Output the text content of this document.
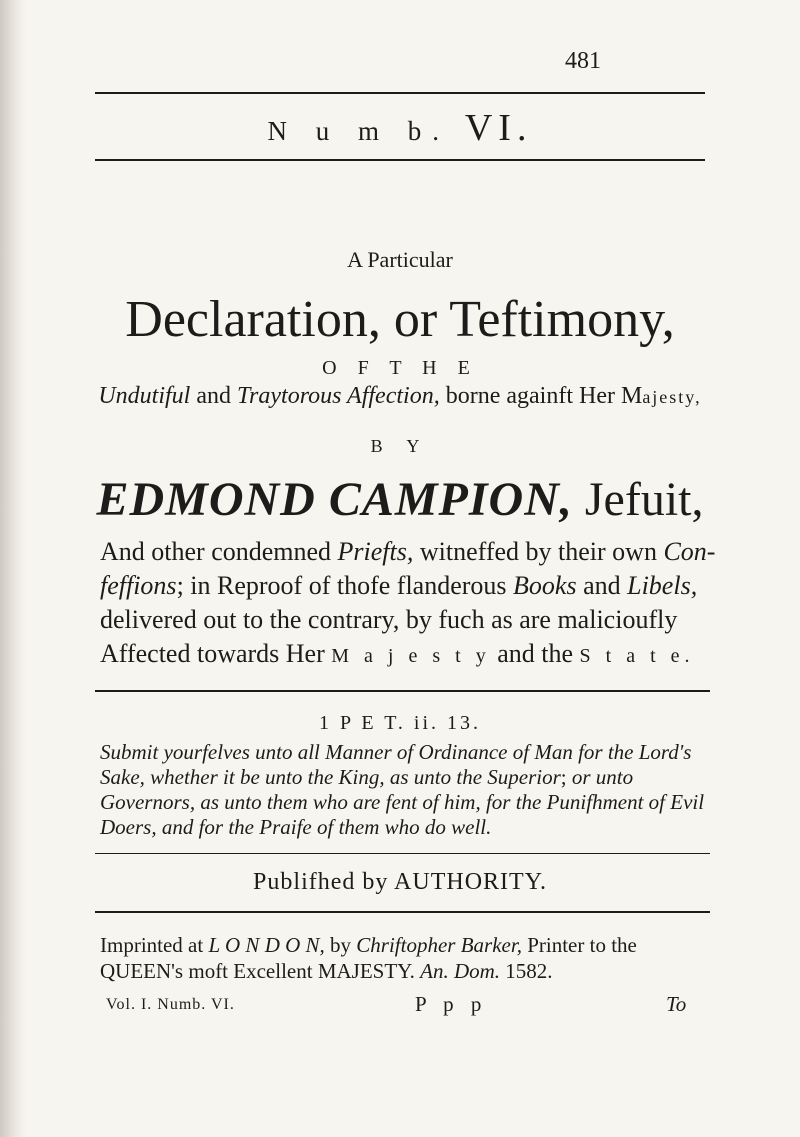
481
N u m b. VI.
A Particular
Declaration, or Teftimony,
O F T H E
Undutiful and Traytorous Affection, borne againft Her Majesty,
B Y
EDMOND CAMPION, Jefuit,
And other condemned Priefts, witneffed by their own Con- feffions; in Reproof of thofe flanderous Books and Libels, delivered out to the contrary, by fuch as are malicioufly Affected towards Her M a j e s t y and the S t a t e.
1 P E T. ii. 13.
Submit yourfelves unto all Manner of Ordinance of Man for the Lord's Sake, whether it be unto the King, as unto the Superior; or unto Governors, as unto them who are fent of him, for the Punifhment of Evil Doers, and for the Praife of them who do well.
Publifhed by AUTHORITY.
Imprinted at L O N D O N, by Chriftopher Barker, Printer to the QUEEN's moft Excellent MAJESTY. An. Dom. 1582.
Vol. I. Numb. VI.	P p p	To
